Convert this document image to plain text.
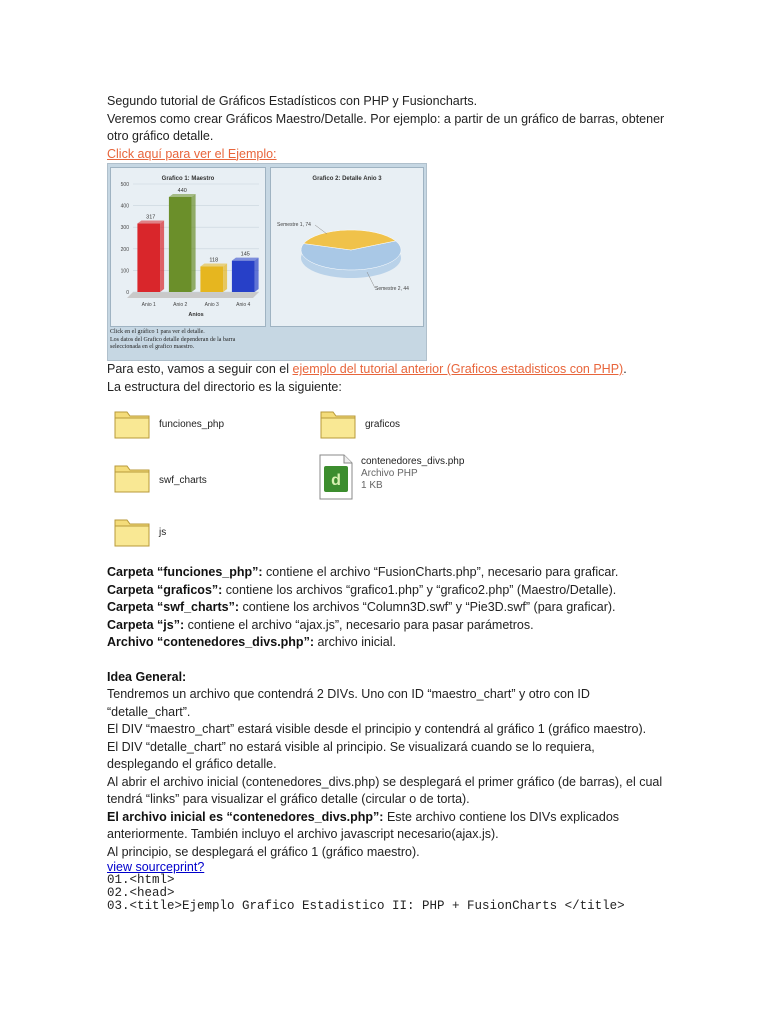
Segundo tutorial de Gráficos Estadísticos con PHP y Fusioncharts.

Veremos como crear Gráficos Maestro/Detalle. Por ejemplo: a partir de un gráfico de barras, obtener otro gráfico detalle.

Click aquí para ver el Ejemplo:

Grafico 1: Maestro
0
100
200
300
400
500
317
Anio 1
440
Anio 2
118
Anio 3
145
Anio 4
Anios
Grafico 2: Detalle Anio 3
Semestre 1, 74
Semestre 2, 44
Click en el gráfico 1 para ver el detalle.
Los datos del Grafico detalle dependeran de la barra
seleccionada en el grafico maestro.

Para esto, vamos a seguir con el ejemplo del tutorial anterior (Graficos estadisticos con PHP).

La estructura del directorio es la siguiente:

funciones_php	graficos
swf_charts	d
contenedores_divs.php
Archivo PHP
1 KB
js

Carpeta “funciones_php”: contiene el archivo “FusionCharts.php”, necesario para graficar.

Carpeta “graficos”: contiene los archivos “grafico1.php” y “grafico2.php” (Maestro/Detalle).

Carpeta “swf_charts”: contiene los archivos “Column3D.swf” y “Pie3D.swf” (para graficar).

Carpeta “js”: contiene el archivo “ajax.js”, necesario para pasar parámetros.

Archivo “contenedores_divs.php”: archivo inicial.

Idea General:

Tendremos un archivo que contendrá 2 DIVs. Uno con ID “maestro_chart” y otro con ID “detalle_chart”.

El DIV “maestro_chart” estará visible desde el principio y contendrá al gráfico 1 (gráfico maestro).

El DIV “detalle_chart” no estará visible al principio. Se visualizará cuando se lo requiera, desplegando el gráfico detalle.

Al abrir el archivo inicial (contenedores_divs.php) se desplegará el primer gráfico (de barras), el cual tendrá “links” para visualizar el gráfico detalle (circular o de torta).

El archivo inicial es “contenedores_divs.php”: Este archivo contiene los DIVs explicados anteriormente. También incluyo el archivo javascript necesario(ajax.js).

Al principio, se desplegará el gráfico 1 (gráfico maestro).

view sourceprint?

01.<html>
02.<head>
03.<title>Ejemplo Grafico Estadistico II: PHP + FusionCharts </title>
